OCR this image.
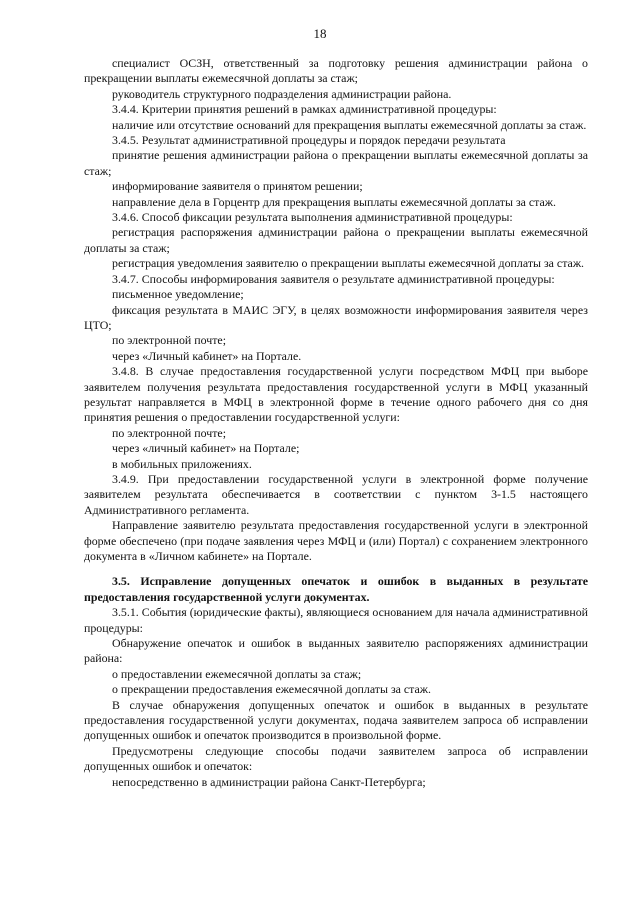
18

специалист ОСЗН, ответственный за подготовку решения администрации района о прекращении выплаты ежемесячной доплаты за стаж;

руководитель структурного подразделения администрации района.

3.4.4. Критерии принятия решений в рамках административной процедуры:

наличие или отсутствие оснований для прекращения выплаты ежемесячной доплаты за стаж.

3.4.5. Результат административной процедуры и порядок передачи результата

принятие решения администрации района о прекращении выплаты ежемесячной доплаты за стаж;

информирование заявителя о принятом решении;

направление дела в Горцентр для прекращения выплаты ежемесячной доплаты за стаж.

3.4.6. Способ фиксации результата выполнения административной процедуры:

регистрация распоряжения администрации района о прекращении выплаты ежемесячной доплаты за стаж;

регистрация уведомления заявителю о прекращении выплаты ежемесячной доплаты за стаж.

3.4.7. Способы информирования заявителя о результате административной процедуры:

письменное уведомление;

фиксация результата в МАИС ЭГУ, в целях возможности информирования заявителя через ЦТО;

по электронной почте;

через «Личный кабинет» на Портале.

3.4.8. В случае предоставления государственной услуги посредством МФЦ при выборе заявителем получения результата предоставления государственной услуги в МФЦ указанный результат направляется в МФЦ в электронной форме в течение одного рабочего дня со дня принятия решения о предоставлении государственной услуги:

по электронной почте;

через «личный кабинет» на Портале;

в мобильных приложениях.

3.4.9. При предоставлении государственной услуги в электронной форме получение заявителем результата обеспечивается в соответствии с пунктом 3-1.5 настоящего Административного регламента.

Направление заявителю результата предоставления государственной услуги в электронной форме обеспечено (при подаче заявления через МФЦ и (или) Портал) с сохранением электронного документа в «Личном кабинете» на Портале.

3.5. Исправление допущенных опечаток и ошибок в выданных в результате предоставления государственной услуги документах.

3.5.1. События (юридические факты), являющиеся основанием для начала административной процедуры:

Обнаружение опечаток и ошибок в выданных заявителю распоряжениях администрации района:

о предоставлении ежемесячной доплаты за стаж;

о прекращении предоставления ежемесячной доплаты за стаж.

В случае обнаружения допущенных опечаток и ошибок в выданных в результате предоставления государственной услуги документах, подача заявителем запроса об исправлении допущенных ошибок и опечаток производится в произвольной форме.

Предусмотрены следующие способы подачи заявителем запроса об исправлении допущенных ошибок и опечаток:

непосредственно в администрации района Санкт-Петербурга;
